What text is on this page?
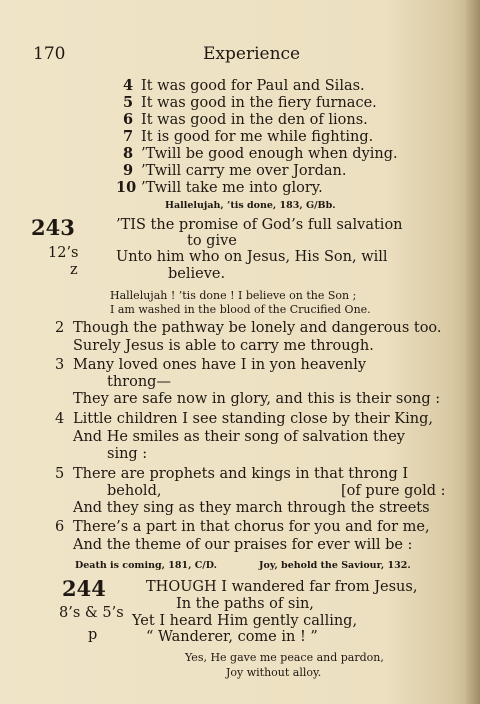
170	Experience
4 It was good for Paul and Silas.
5 It was good in the fiery furnace.
6 It was good in the den of lions.
7 It is good for me while fighting.
8 ’Twill be good enough when dying.
9 ’Twill carry me over Jordan.
10 ’Twill take me into glory.
Hallelujah, ’tis done, 183, G/Bb.
243
12’s
z
’TIS the promise of God’s full salvation
to give
Unto him who on Jesus, His Son, will
believe.
Hallelujah ! ’tis done ! I believe on the Son ;
I am washed in the blood of the Crucified One.
2 Though the pathway be lonely and dangerous too.
Surely Jesus is able to carry me through.
3 Many loved ones have I in yon heavenly
throng—
They are safe now in glory, and this is their song :
4 Little children I see standing close by their King,
And He smiles as their song of salvation they
sing :
5 There are prophets and kings in that throng I
behold,	[of pure gold :
And they sing as they march through the streets
6 There’s a part in that chorus for you and for me,
And the theme of our praises for ever will be :
Death is coming, 181, C/D.	Joy, behold the Saviour, 132.
244
8’s & 5’s
p
THOUGH I wandered far from Jesus,
In the paths of sin,
Yet I heard Him gently calling,
“ Wanderer, come in ! ”
Yes, He gave me peace and pardon,
Joy without alloy.
